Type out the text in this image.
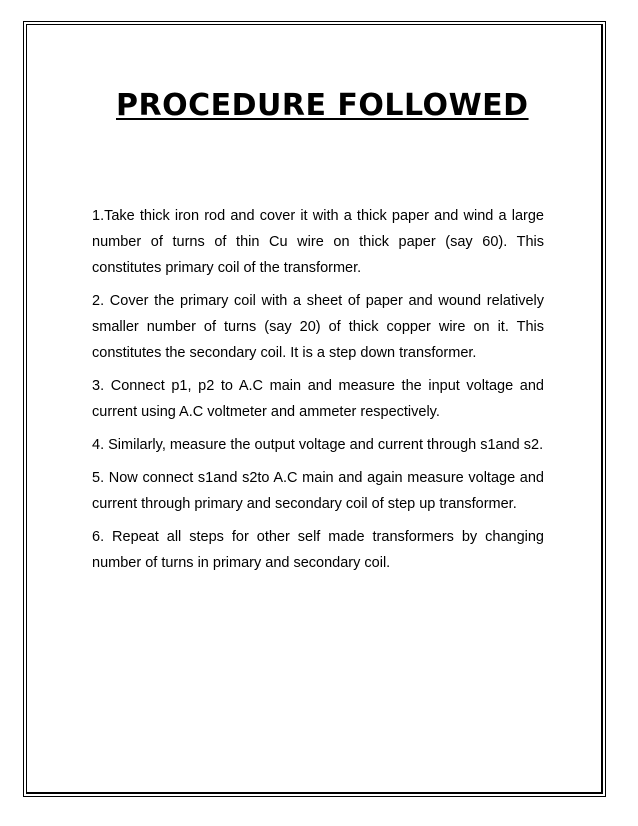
PROCEDURE FOLLOWED

1.Take thick iron rod and cover it with a thick paper and wind a large number of turns of thin Cu wire on thick paper (say 60). This constitutes primary coil of the transformer.

2. Cover the primary coil with a sheet of paper and wound relatively smaller number of turns (say 20) of thick copper wire on it. This constitutes the secondary coil. It is a step down transformer.

3. Connect p1, p2 to A.C main and measure the input voltage and current using A.C voltmeter and ammeter respectively.

4. Similarly, measure the output voltage and current through s1and s2.

5. Now connect s1and s2to A.C main and again measure voltage and current through primary and secondary coil of step up transformer.

6. Repeat all steps for other self made transformers by changing number of turns in primary and secondary coil.
